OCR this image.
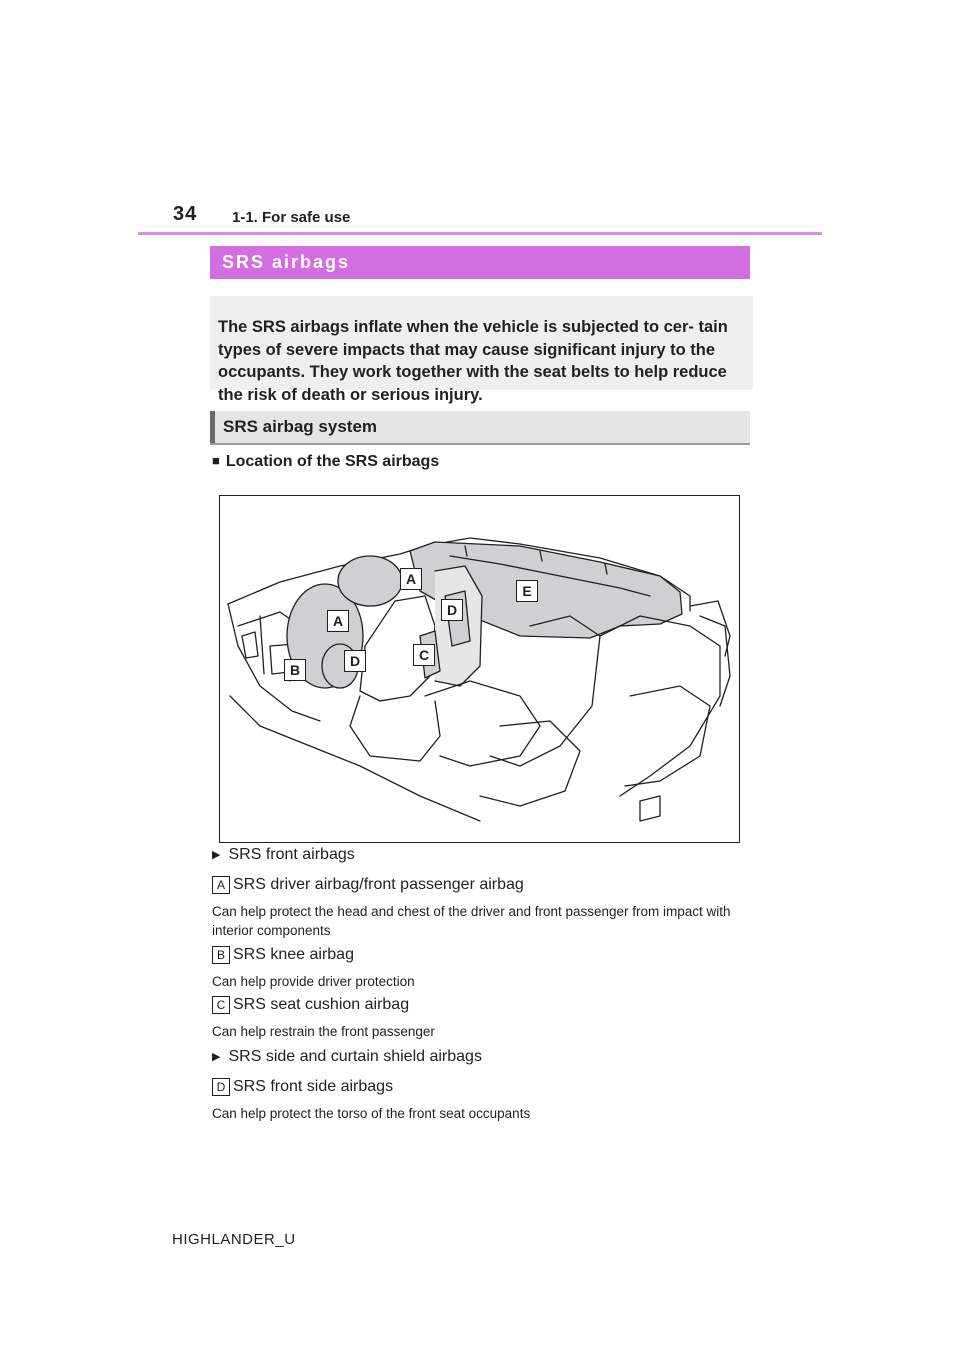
34 1-1. For safe use
SRS airbags
The SRS airbags inflate when the vehicle is subjected to cer- tain types of severe impacts that may cause significant injury to the occupants. They work together with the seat belts to help reduce the risk of death or serious injury.
SRS airbag system
■ Location of the SRS airbags
A
A
B
D
C
D
E
▶ SRS front airbags
A SRS driver airbag/front passenger airbag
Can help protect the head and chest of the driver and front passenger from impact with interior components
B SRS knee airbag
Can help provide driver protection
C SRS seat cushion airbag
Can help restrain the front passenger
▶ SRS side and curtain shield airbags
D SRS front side airbags
Can help protect the torso of the front seat occupants
HIGHLANDER_U
